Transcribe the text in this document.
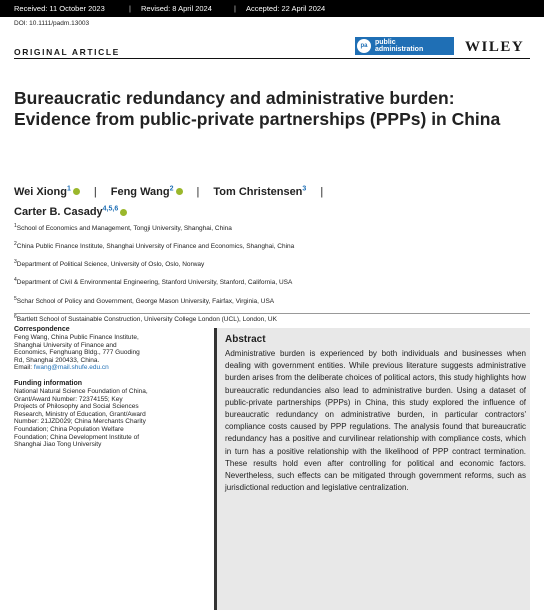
Received: 11 October 2023	| Revised: 8 April 2024	| Accepted: 22 April 2024
DOI: 10.1111/padm.13003
ORIGINAL ARTICLE
pa	public
administration	WILEY
Bureaucratic redundancy and administrative burden: Evidence from public-private partnerships (PPPs) in China
Wei Xiong$^1$ | Feng Wang$^2$ | Tom Christensen$^3$ |
Carter B. Casady$^{4,5,6}$
$^1$School of Economics and Management, Tongji University, Shanghai, China
$^2$China Public Finance Institute, Shanghai University of Finance and Economics, Shanghai, China
$^3$Department of Political Science, University of Oslo, Oslo, Norway
$^4$Department of Civil & Environmental Engineering, Stanford University, Stanford, California, USA
$^5$Schar School of Policy and Government, George Mason University, Fairfax, Virginia, USA
$^6$Bartlett School of Sustainable Construction, University College London (UCL), London, UK
Correspondence

Feng Wang, China Public Finance Institute,

Shanghai University of Finance and

Economics, Fenghuang Bldg., 777 Guoding

Rd, Shanghai 200433, China.

Email: fwang@mail.shufe.edu.cn

Funding information

National Natural Science Foundation of China,

Grant/Award Number: 72374155; Key

Projects of Philosophy and Social Sciences

Research, Ministry of Education, Grant/Award

Number: 21JZD029; China Merchants Charity

Foundation; China Population Welfare

Foundation; China Development Institute of

Shanghai Jiao Tong University

Abstract

Administrative burden is experienced by both individuals and businesses when dealing with government entities. While previous literature suggests administrative burden arises from the deliberate choices of political actors, this study highlights how bureaucratic redundancies also lead to administrative burden. Using a dataset of public-private partnerships (PPPs) in China, this study explored the influence of bureaucratic redundancy on administrative burden, in particular contractors' compliance costs caused by PPP regulations. The analysis found that bureaucratic redundancy has a positive and curvilinear relationship with compliance costs, which in turn has a positive relationship with the likelihood of PPP contract termination. These results hold even after controlling for political and economic factors. Nevertheless, such effects can be mitigated through government reforms, such as jurisdictional reduction and legislative centralization.
